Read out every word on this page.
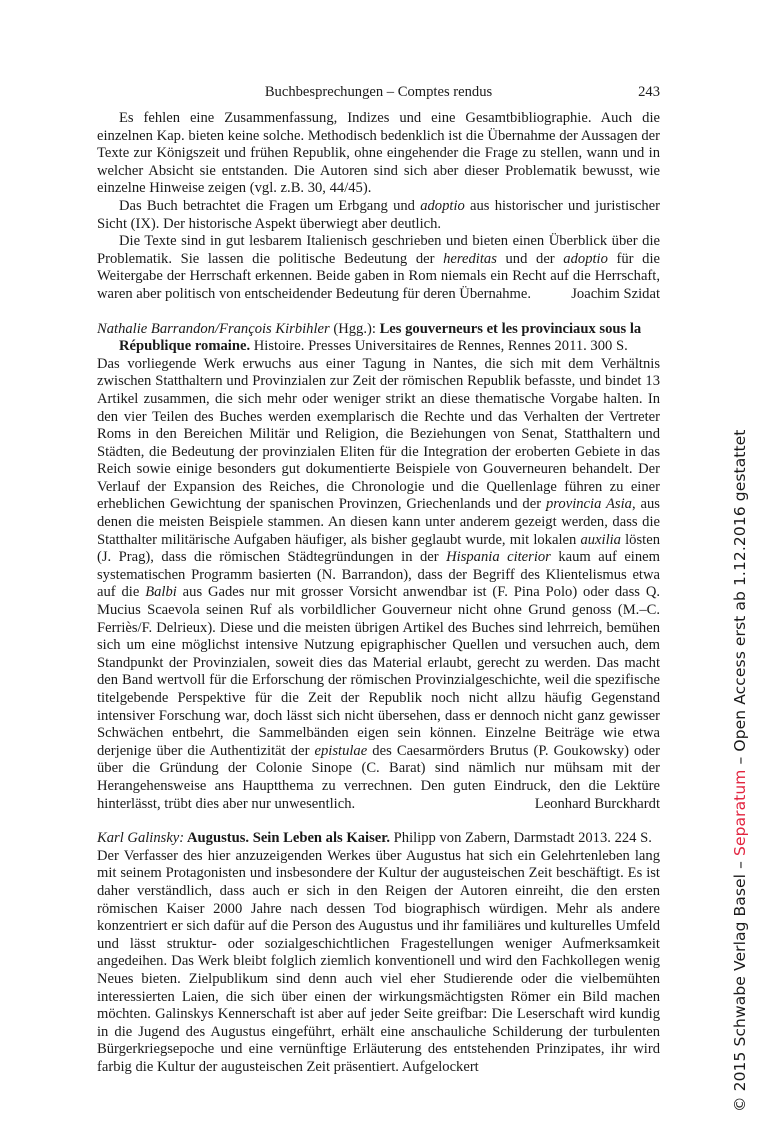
Buchbesprechungen – Comptes rendus	243

Es fehlen eine Zusammenfassung, Indizes und eine Gesamtbibliographie. Auch die einzelnen Kap. bieten keine solche. Methodisch bedenklich ist die Übernahme der Aussagen der Texte zur Königszeit und frühen Republik, ohne eingehender die Frage zu stellen, wann und in welcher Absicht sie entstanden. Die Autoren sind sich aber dieser Problematik bewusst, wie einzelne Hinweise zeigen (vgl. z.B. 30, 44/45).

Das Buch betrachtet die Fragen um Erbgang und adoptio aus historischer und juristischer Sicht (IX). Der historische Aspekt überwiegt aber deutlich.

Die Texte sind in gut lesbarem Italienisch geschrieben und bieten einen Überblick über die Problematik. Sie lassen die politische Bedeutung der hereditas und der adoptio für die Weitergabe der Herrschaft erkennen. Beide gaben in Rom niemals ein Recht auf die Herrschaft, waren aber politisch von entscheidender Bedeutung für deren Übernahme.	Joachim Szidat

Nathalie Barrandon/François Kirbihler (Hgg.): Les gouverneurs et les provinciaux sous la République romaine. Histoire. Presses Universitaires de Rennes, Rennes 2011. 300 S.

Das vorliegende Werk erwuchs aus einer Tagung in Nantes, die sich mit dem Verhältnis zwischen Statthaltern und Provinzialen zur Zeit der römischen Republik befasste, und bindet 13 Artikel zusammen, die sich mehr oder weniger strikt an diese thematische Vorgabe halten. In den vier Teilen des Buches werden exemplarisch die Rechte und das Verhalten der Vertreter Roms in den Bereichen Militär und Religion, die Beziehungen von Senat, Statthaltern und Städten, die Bedeutung der provinzialen Eliten für die Integration der eroberten Gebiete in das Reich sowie einige besonders gut dokumentierte Beispiele von Gouverneuren behandelt. Der Verlauf der Expansion des Reiches, die Chronologie und die Quellenlage führen zu einer erheblichen Gewichtung der spanischen Provinzen, Griechenlands und der provincia Asia, aus denen die meisten Beispiele stammen. An diesen kann unter anderem gezeigt werden, dass die Statthalter militärische Aufgaben häufiger, als bisher geglaubt wurde, mit lokalen auxilia lösten (J. Prag), dass die römischen Städtegründungen in der Hispania citerior kaum auf einem systematischen Programm basierten (N. Barrandon), dass der Begriff des Klientelismus etwa auf die Balbi aus Gades nur mit grosser Vorsicht anwendbar ist (F. Pina Polo) oder dass Q. Mucius Scaevola seinen Ruf als vorbildlicher Gouverneur nicht ohne Grund genoss (M.–C. Ferriès/F. Delrieux). Diese und die meisten übrigen Artikel des Buches sind lehrreich, bemühen sich um eine möglichst intensive Nutzung epigraphischer Quellen und versuchen auch, dem Standpunkt der Provinzialen, soweit dies das Material erlaubt, gerecht zu werden. Das macht den Band wertvoll für die Erforschung der römischen Provinzialgeschichte, weil die spezifische titelgebende Perspektive für die Zeit der Republik noch nicht allzu häufig Gegenstand intensiver Forschung war, doch lässt sich nicht übersehen, dass er dennoch nicht ganz gewisser Schwächen entbehrt, die Sammelbänden eigen sein können. Einzelne Beiträge wie etwa derjenige über die Authentizität der epistulae des Caesarmörders Brutus (P. Goukowsky) oder über die Gründung der Colonie Sinope (C. Barat) sind nämlich nur mühsam mit der Herangehensweise ans Hauptthema zu verrechnen. Den guten Eindruck, den die Lektüre hinterlässt, trübt dies aber nur unwesentlich.	Leonhard Burckhardt

Karl Galinsky: Augustus. Sein Leben als Kaiser. Philipp von Zabern, Darmstadt 2013. 224 S.

Der Verfasser des hier anzuzeigenden Werkes über Augustus hat sich ein Gelehrtenleben lang mit seinem Protagonisten und insbesondere der Kultur der augusteischen Zeit beschäftigt. Es ist daher verständlich, dass auch er sich in den Reigen der Autoren einreiht, die den ersten römischen Kaiser 2000 Jahre nach dessen Tod biographisch würdigen. Mehr als andere konzentriert er sich dafür auf die Person des Augustus und ihr familiäres und kulturelles Umfeld und lässt struktur- oder sozialgeschichtlichen Fragestellungen weniger Aufmerksamkeit angedeihen. Das Werk bleibt folglich ziemlich konventionell und wird den Fachkollegen wenig Neues bieten. Zielpublikum sind denn auch viel eher Studierende oder die vielbemühten interessierten Laien, die sich über einen der wirkungsmächtigsten Römer ein Bild machen möchten. Galinskys Kennerschaft ist aber auf jeder Seite greifbar: Die Leserschaft wird kundig in die Jugend des Augustus eingeführt, erhält eine anschauliche Schilderung der turbulenten Bürgerkriegsepoche und eine vernünftige Erläuterung des entstehenden Prinzipates, ihr wird farbig die Kultur der augusteischen Zeit präsentiert. Aufgelockert	© 2015 Schwabe Verlag Basel – Separatum – Open Access erst ab 1.12.2016 gestattet
